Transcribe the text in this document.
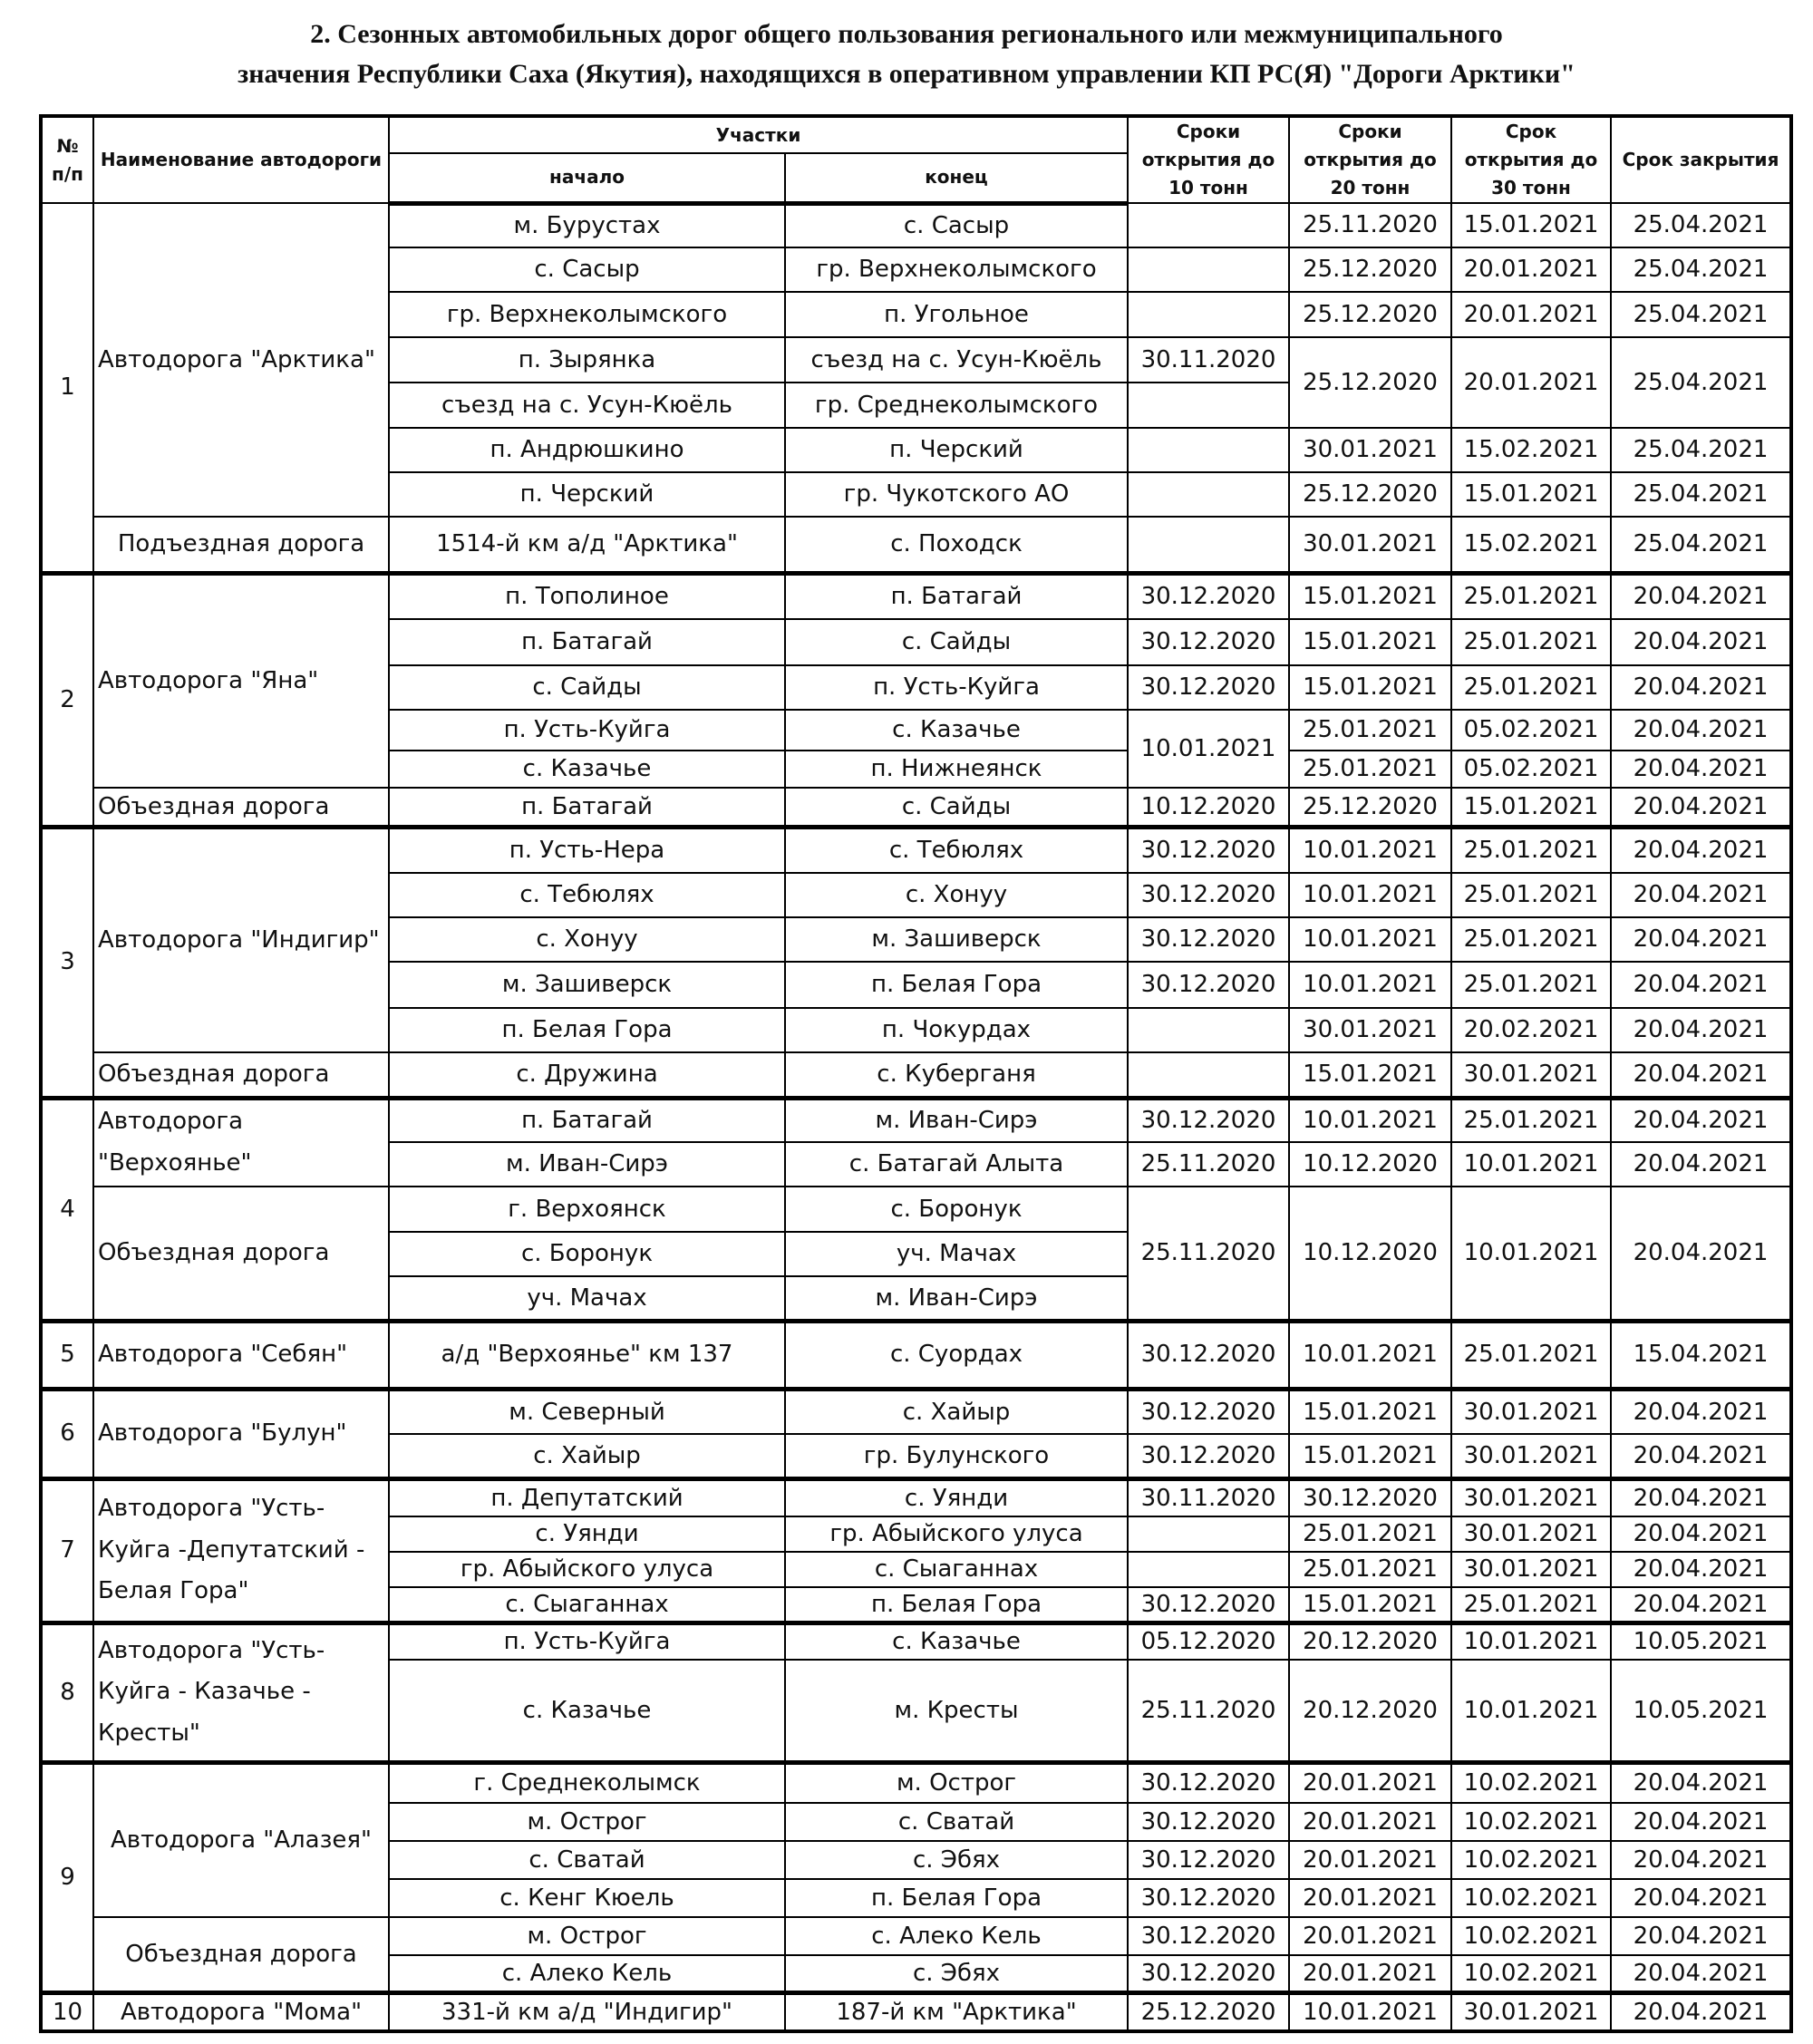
2. Сезонных автомобильных дорог общего пользования регионального или межмуниципального
значения Республики Саха (Якутия), находящихся в оперативном управлении КП РС(Я) "Дороги Арктики"
№ п/п	Наименование автодороги	Участки		Сроки открытия до 10 тонн	Сроки открытия до 20 тонн	Срок открытия до 30 тонн	Срок закрытия
		начало	конец				
1	Автодорога "Арктика"	м. Бурустах	с. Сасыр		25.11.2020	15.01.2021	25.04.2021
		с. Сасыр	гр. Верхнеколымского		25.12.2020	20.01.2021	25.04.2021
		гр. Верхнеколымского	п. Угольное		25.12.2020	20.01.2021	25.04.2021
		п. Зырянка	съезд на с. Усун-Кюёль	30.11.2020	25.12.2020	20.01.2021	25.04.2021
		съезд на с. Усун-Кюёль	гр. Среднеколымского				
		п. Андрюшкино	п. Черский		30.01.2021	15.02.2021	25.04.2021
		п. Черский	гр. Чукотского АО		25.12.2020	15.01.2021	25.04.2021
	Подъездная дорога	1514-й км а/д "Арктика"	с. Походск		30.01.2021	15.02.2021	25.04.2021
2	Автодорога "Яна"	п. Тополиное	п. Батагай	30.12.2020	15.01.2021	25.01.2021	20.04.2021
		п. Батагай	с. Сайды	30.12.2020	15.01.2021	25.01.2021	20.04.2021
		с. Сайды	п. Усть-Куйга	30.12.2020	15.01.2021	25.01.2021	20.04.2021
		п. Усть-Куйга	с. Казачье	10.01.2021	25.01.2021	05.02.2021	20.04.2021
		с. Казачье	п. Нижнеянск		25.01.2021	05.02.2021	20.04.2021
	Объездная дорога	п. Батагай	с. Сайды	10.12.2020	25.12.2020	15.01.2021	20.04.2021
3	Автодорога "Индигир"	п. Усть-Нера	с. Тебюлях	30.12.2020	10.01.2021	25.01.2021	20.04.2021
		с. Тебюлях	с. Хонуу	30.12.2020	10.01.2021	25.01.2021	20.04.2021
		с. Хонуу	м. Зашиверск	30.12.2020	10.01.2021	25.01.2021	20.04.2021
		м. Зашиверск	п. Белая Гора	30.12.2020	10.01.2021	25.01.2021	20.04.2021
		п. Белая Гора	п. Чокурдах		30.01.2021	20.02.2021	20.04.2021
	Объездная дорога	с. Дружина	с. Куберганя		15.01.2021	30.01.2021	20.04.2021
4	Автодорога "Верхоянье"	п. Батагай	м. Иван-Сирэ	30.12.2020	10.01.2021	25.01.2021	20.04.2021
		м. Иван-Сирэ	с. Батагай Алыта	25.11.2020	10.12.2020	10.01.2021	20.04.2021
	Объездная дорога	г. Верхоянск	с. Боронук	25.11.2020	10.12.2020	10.01.2021	20.04.2021
		с. Боронук	уч. Мачах				
		уч. Мачах	м. Иван-Сирэ				
5	Автодорога "Себян"	а/д "Верхоянье" км 137	с. Суордах	30.12.2020	10.01.2021	25.01.2021	15.04.2021
6	Автодорога "Булун"	м. Северный	с. Хайыр	30.12.2020	15.01.2021	30.01.2021	20.04.2021
		с. Хайыр	гр. Булунского	30.12.2020	15.01.2021	30.01.2021	20.04.2021
7	Автодорога "Усть-Куйга -Депутатский - Белая Гора"	п. Депутатский	с. Уянди	30.11.2020	30.12.2020	30.01.2021	20.04.2021
		с. Уянди	гр. Абыйского улуса		25.01.2021	30.01.2021	20.04.2021
		гр. Абыйского улуса	с. Сыаганнах		25.01.2021	30.01.2021	20.04.2021
		с. Сыаганнах	п. Белая Гора	30.12.2020	15.01.2021	25.01.2021	20.04.2021
8	Автодорога "Усть-Куйга - Казачье - Кресты"	п. Усть-Куйга	с. Казачье	05.12.2020	20.12.2020	10.01.2021	10.05.2021
		с. Казачье	м. Кресты	25.11.2020	20.12.2020	10.01.2021	10.05.2021
9	Автодорога "Алазея"	г. Среднеколымск	м. Острог	30.12.2020	20.01.2021	10.02.2021	20.04.2021
		м. Острог	с. Сватай	30.12.2020	20.01.2021	10.02.2021	20.04.2021
		с. Сватай	с. Эбях	30.12.2020	20.01.2021	10.02.2021	20.04.2021
		с. Кенг Кюель	п. Белая Гора	30.12.2020	20.01.2021	10.02.2021	20.04.2021
	Объездная дорога	м. Острог	с. Алеко Кель	30.12.2020	20.01.2021	10.02.2021	20.04.2021
		с. Алеко Кель	с. Эбях	30.12.2020	20.01.2021	10.02.2021	20.04.2021
10	Автодорога "Мома"	331-й км а/д "Индигир"	187-й км "Арктика"	25.12.2020	10.01.2021	30.01.2021	20.04.2021
